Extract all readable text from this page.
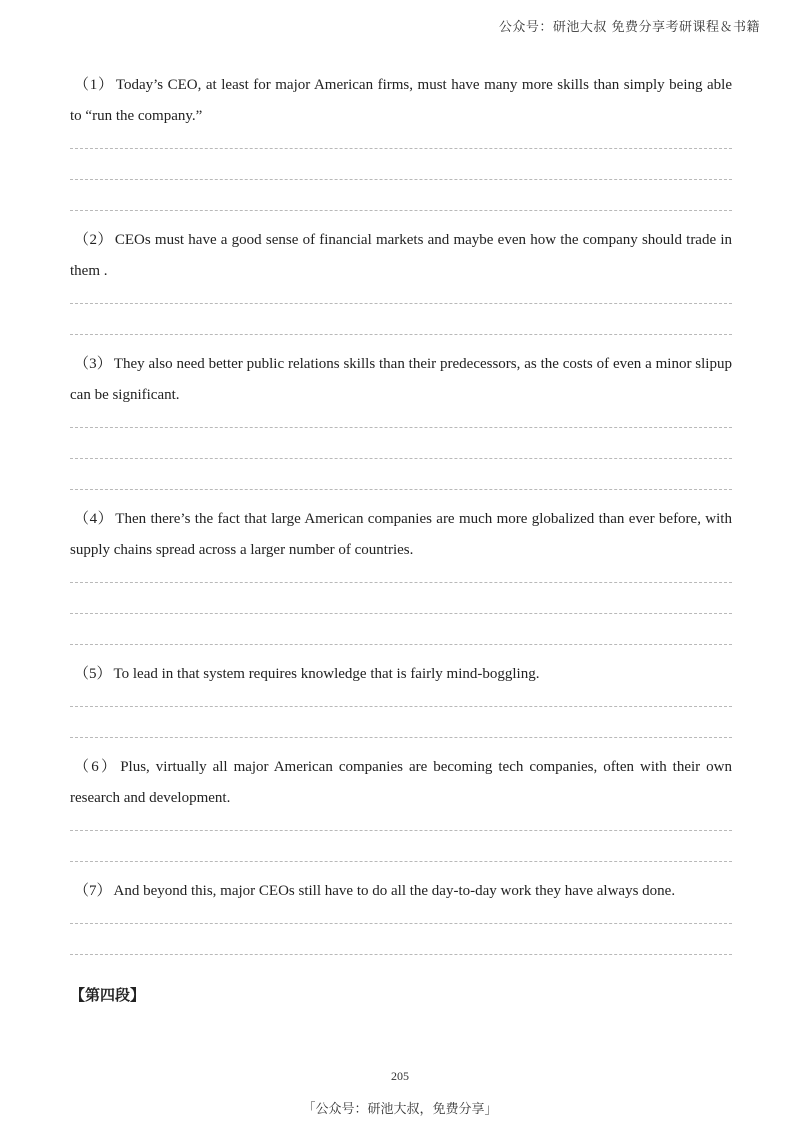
公众号：研池大叔 免费分享考研课程＆书籍

（1） Today’s CEO, at least for major American firms, must have many more skills than simply being able to “run the company.”

（2） CEOs must have a good sense of financial markets and maybe even how the company should trade in them .

（3） They also need better public relations skills than their predecessors, as the costs of even a minor slipup can be significant.

（4） Then there’s the fact that large American companies are much more globalized than ever before, with supply chains spread across a larger number of countries.

（5） To lead in that system requires knowledge that is fairly mind-boggling.

（6） Plus, virtually all major American companies are becoming tech companies, often with their own research and development.

（7） And beyond this, major CEOs still have to do all the day-to-day work they have always done.

【第四段】
205
「公众号：研池大叔，免费分享」
